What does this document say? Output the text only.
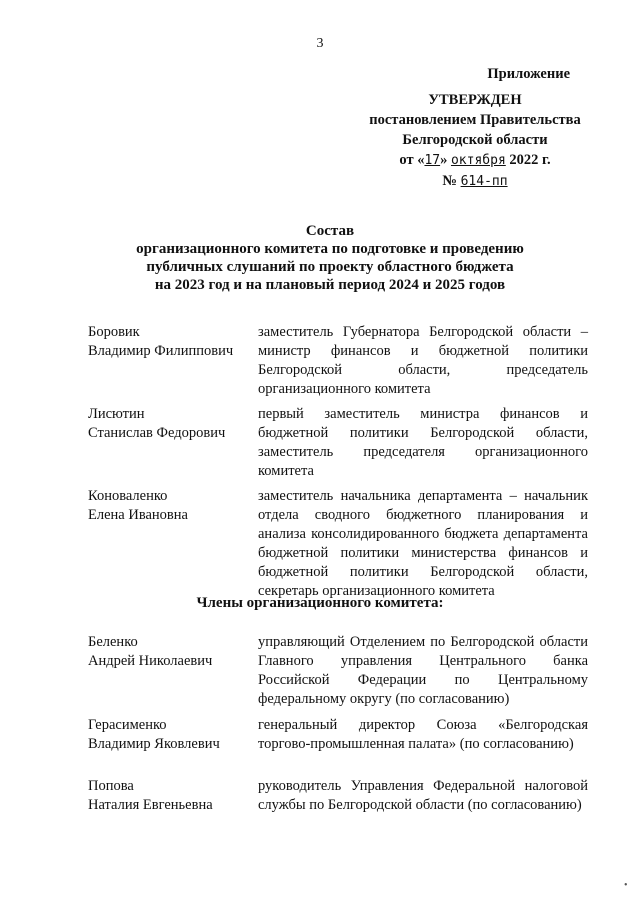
3
Приложение
УТВЕРЖДЕН
постановлением Правительства
Белгородской области
от «17» октября 2022 г.
№ 614-пп
Состав
организационного комитета по подготовке и проведению
публичных слушаний по проекту областного бюджета
на 2023 год и на плановый период 2024 и 2025 годов
Боровик
Владимир Филиппович
заместитель Губернатора Белгородской области – министр финансов и бюджетной политики Белгородской области, председатель организационного комитета
Лисютин
Станислав Федорович
первый заместитель министра финансов и бюджетной политики Белгородской области, заместитель председателя организационного комитета
Коноваленко
Елена Ивановна
заместитель начальника департамента – начальник отдела сводного бюджетного планирования и анализа консолидированного бюджета департамента бюджетной политики министерства финансов и бюджетной политики Белгородской области, секретарь организационного комитета
Члены организационного комитета:
Беленко
Андрей Николаевич
управляющий Отделением по Белгородской области Главного управления Центрального банка Российской Федерации по Центральному федеральному округу (по согласованию)
Герасименко
Владимир Яковлевич
генеральный директор Союза «Белгородская торгово-промышленная палата» (по согласованию)
Попова
Наталия Евгеньевна
руководитель Управления Федеральной налоговой службы по Белгородской области (по согласованию)
•
